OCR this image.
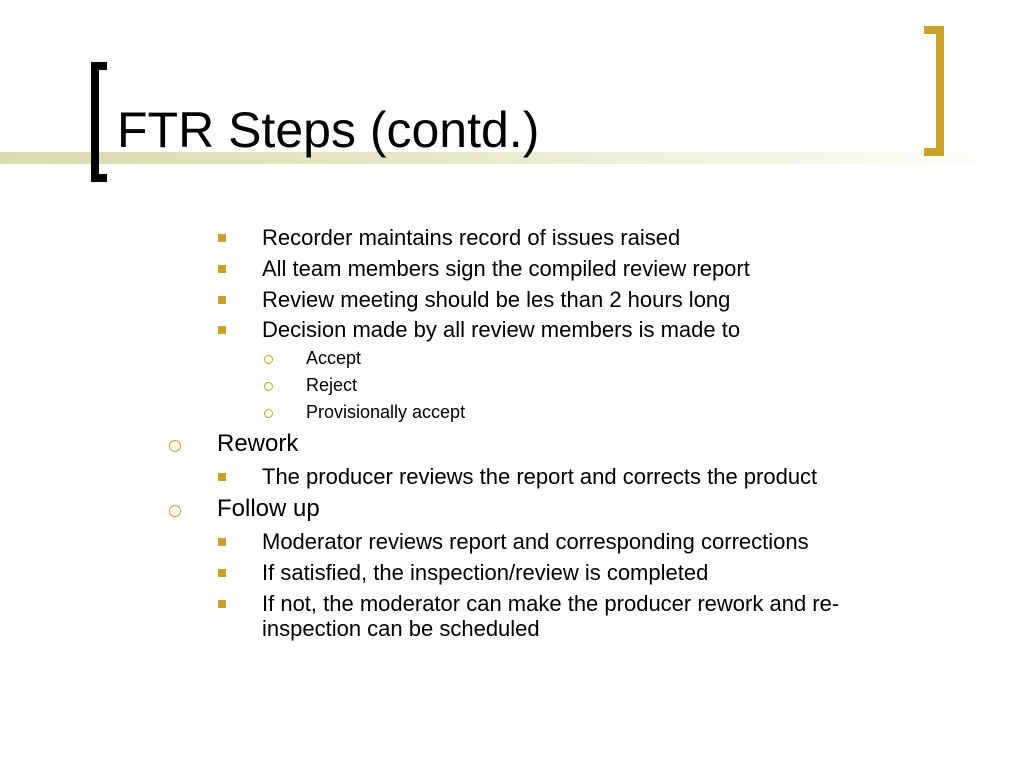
FTR Steps (contd.)
Recorder maintains record of issues raised
All team members sign the compiled review report
Review meeting should be les than 2 hours long
Decision made by all review members is made to
Accept
Reject
Provisionally accept
Rework
The producer reviews the report and corrects the product
Follow up
Moderator reviews report and corresponding corrections
If satisfied, the inspection/review is completed
If not, the moderator can make the producer rework and re-
inspection can be scheduled
